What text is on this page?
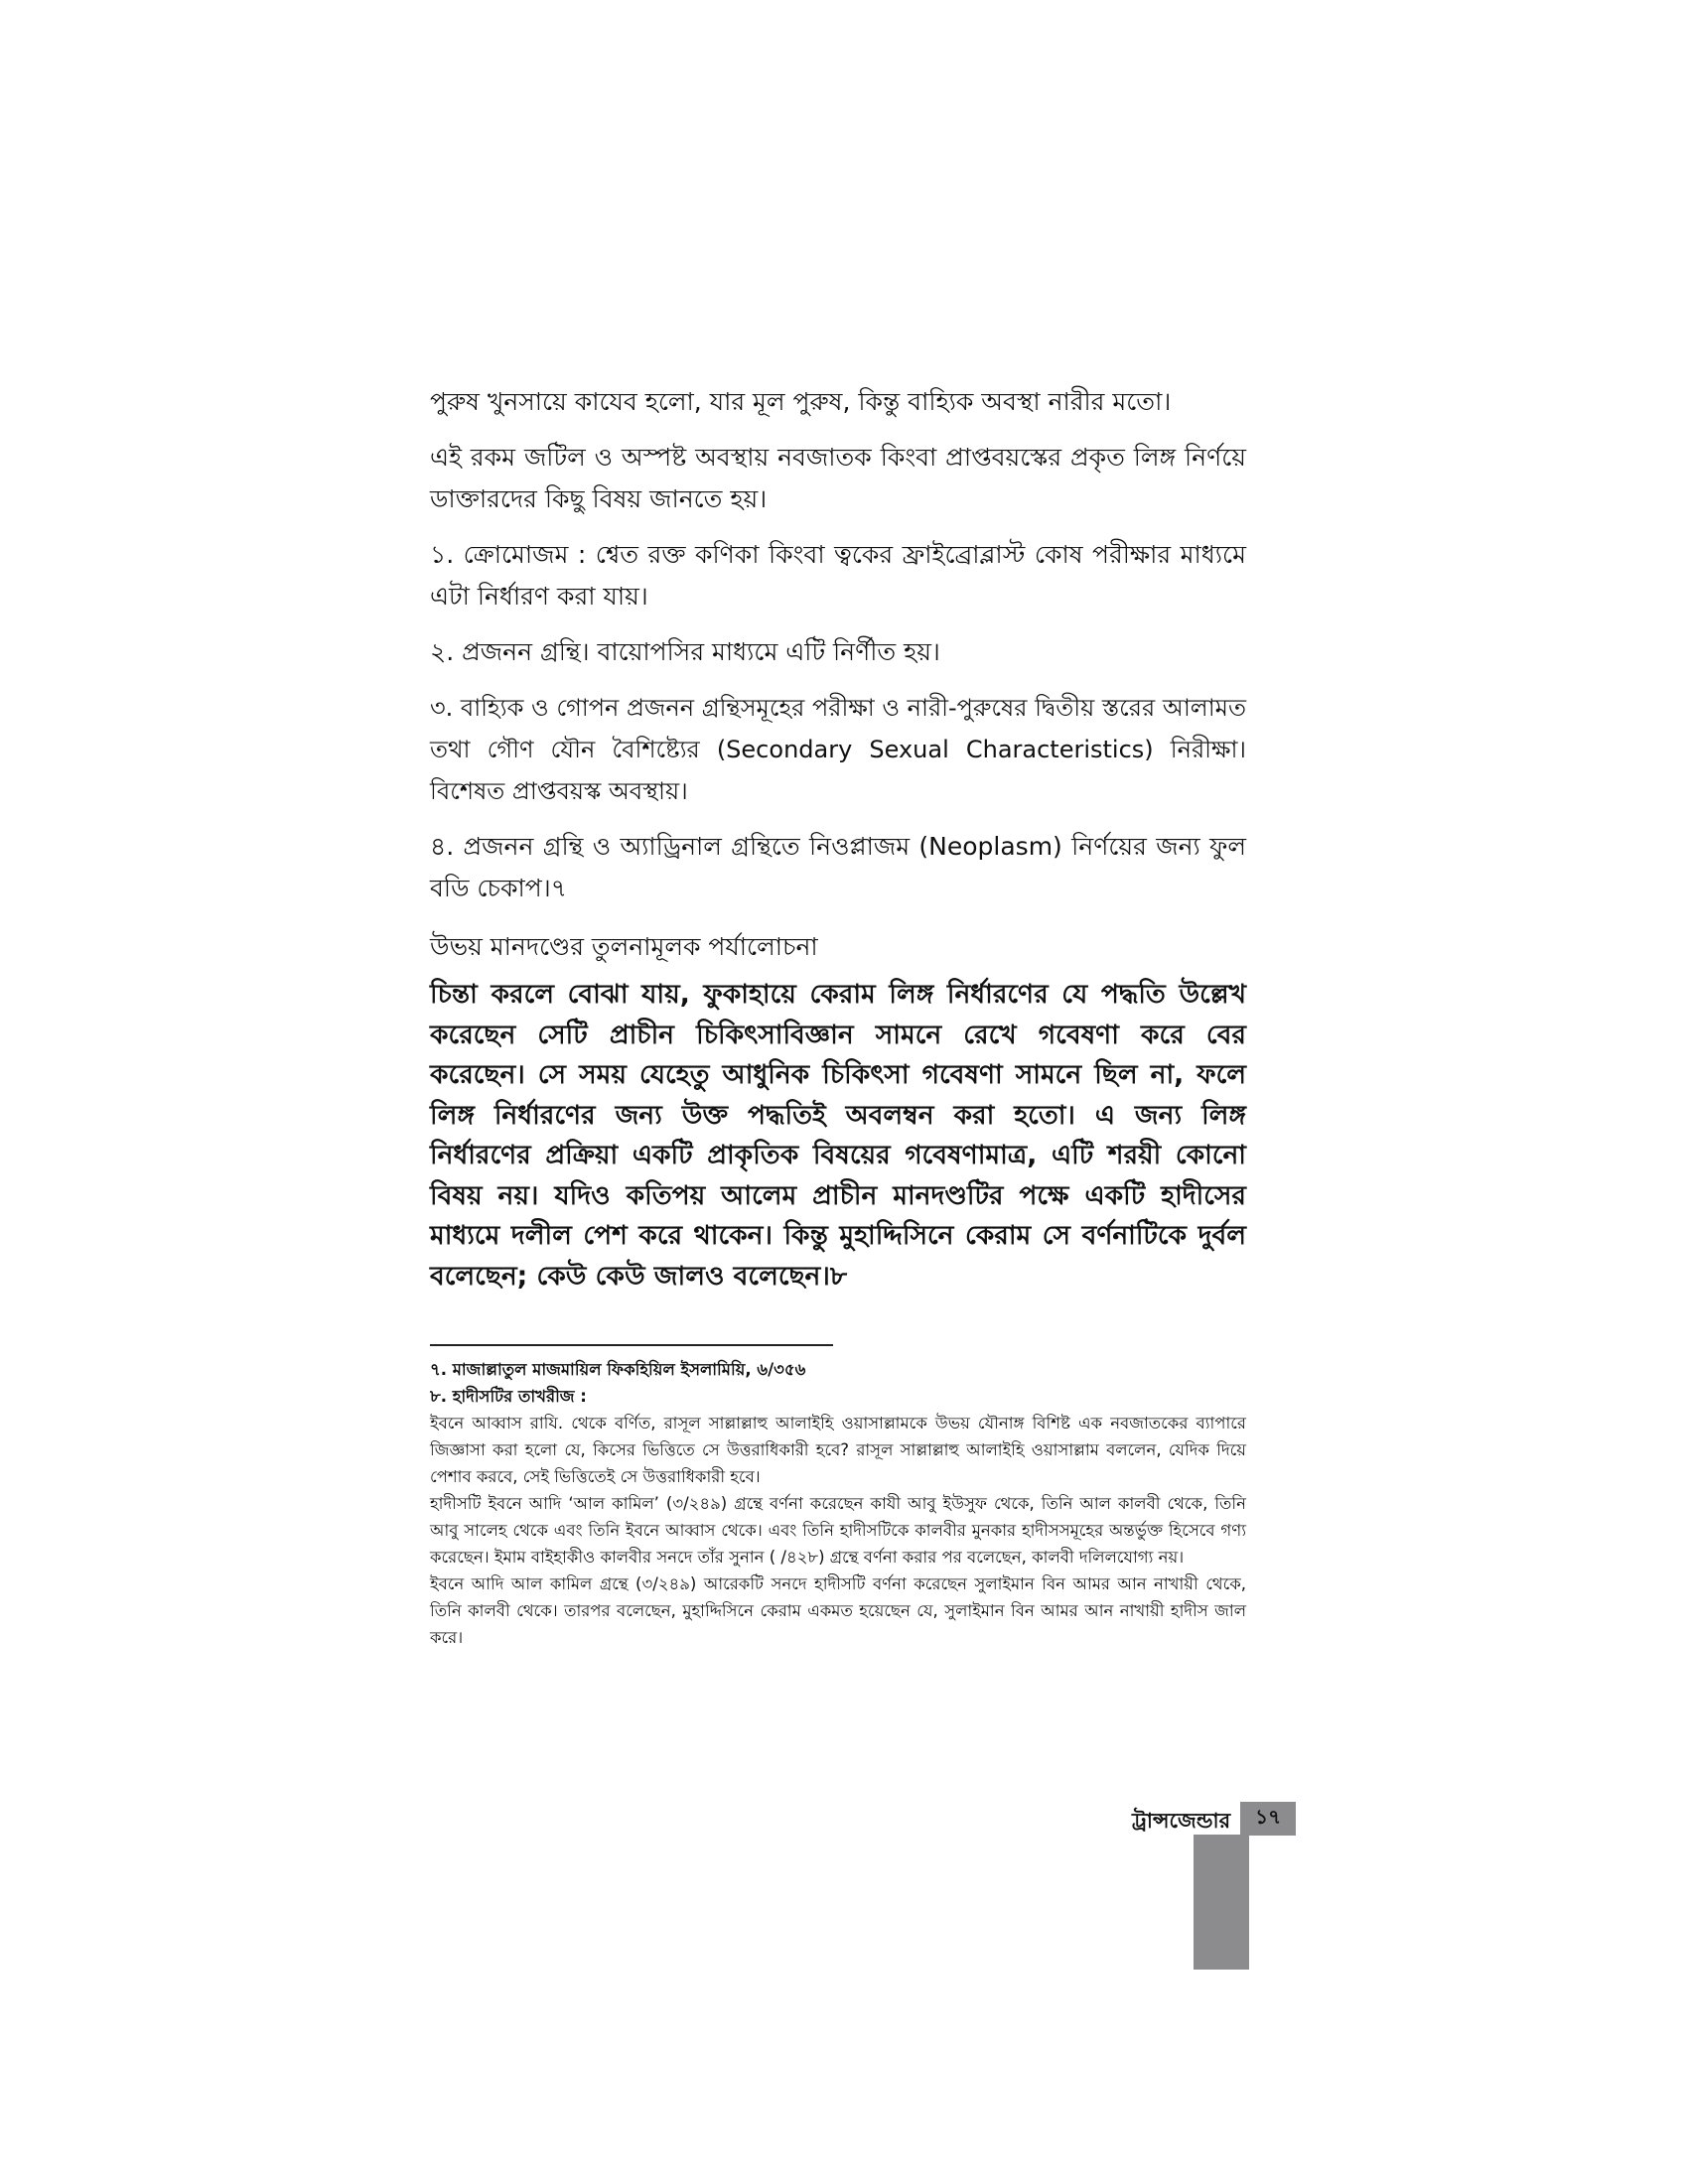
পুরুষ খুনসায়ে কাযেব হলো, যার মূল পুরুষ, কিন্তু বাহ্যিক অবস্থা নারীর মতো।

এই রকম জটিল ও অস্পষ্ট অবস্থায় নবজাতক কিংবা প্রাপ্তবয়স্কের প্রকৃত লিঙ্গ নির্ণয়ে ডাক্তারদের কিছু বিষয় জানতে হয়।

১. ক্রোমোজম : শ্বেত রক্ত কণিকা কিংবা ত্বকের ফ্রাইব্রোব্লাস্ট কোষ পরীক্ষার মাধ্যমে এটা নির্ধারণ করা যায়।

২. প্রজনন গ্রন্থি। বায়োপসির মাধ্যমে এটি নির্ণীত হয়।

৩. বাহ্যিক ও গোপন প্রজনন গ্রন্থিসমূহের পরীক্ষা ও নারী-পুরুষের দ্বিতীয় স্তরের আলামত তথা গৌণ যৌন বৈশিষ্ট্যের (Secondary Sexual Characteristics) নিরীক্ষা। বিশেষত প্রাপ্তবয়স্ক অবস্থায়।

৪. প্রজনন গ্রন্থি ও অ্যাড্রিনাল গ্রন্থিতে নিওপ্লাজম (Neoplasm) নির্ণয়ের জন্য ফুল বডি চেকাপ।৭

উভয় মানদণ্ডের তুলনামূলক পর্যালোচনা

চিন্তা করলে বোঝা যায়, ফুকাহায়ে কেরাম লিঙ্গ নির্ধারণের যে পদ্ধতি উল্লেখ করেছেন সেটি প্রাচীন চিকিৎসাবিজ্ঞান সামনে রেখে গবেষণা করে বের করেছেন। সে সময় যেহেতু আধুনিক চিকিৎসা গবেষণা সামনে ছিল না, ফলে লিঙ্গ নির্ধারণের জন্য উক্ত পদ্ধতিই অবলম্বন করা হতো। এ জন্য লিঙ্গ নির্ধারণের প্রক্রিয়া একটি প্রাকৃতিক বিষয়ের গবেষণামাত্র, এটি শরয়ী কোনো বিষয় নয়। যদিও কতিপয় আলেম প্রাচীন মানদণ্ডটির পক্ষে একটি হাদীসের মাধ্যমে দলীল পেশ করে থাকেন। কিন্তু মুহাদ্দিসিনে কেরাম সে বর্ণনাটিকে দুর্বল বলেছেন; কেউ কেউ জালও বলেছেন।৮

৭. মাজাল্লাতুল মাজমায়িল ফিকহিয়িল ইসলামিয়ি, ৬/৩৫৬

৮. হাদীসটির তাখরীজ :

ইবনে আব্বাস রাযি. থেকে বর্ণিত, রাসূল সাল্লাল্লাহু আলাইহি ওয়াসাল্লামকে উভয় যৌনাঙ্গ বিশিষ্ট এক নবজাতকের ব্যাপারে জিজ্ঞাসা করা হলো যে, কিসের ভিত্তিতে সে উত্তরাধিকারী হবে? রাসূল সাল্লাল্লাহু আলাইহি ওয়াসাল্লাম বললেন, যেদিক দিয়ে পেশাব করবে, সেই ভিত্তিতেই সে উত্তরাধিকারী হবে।

হাদীসটি ইবনে আদি ‘আল কামিল’ (৩/২৪৯) গ্রন্থে বর্ণনা করেছেন কাযী আবু ইউসুফ থেকে, তিনি আল কালবী থেকে, তিনি আবু সালেহ থেকে এবং তিনি ইবনে আব্বাস থেকে। এবং তিনি হাদীসটিকে কালবীর মুনকার হাদীসসমূহের অন্তর্ভুক্ত হিসেবে গণ্য করেছেন। ইমাম বাইহাকীও কালবীর সনদে তাঁর সুনান ( /৪২৮) গ্রন্থে বর্ণনা করার পর বলেছেন, কালবী দলিলযোগ্য নয়।

ইবনে আদি আল কামিল গ্রন্থে (৩/২৪৯) আরেকটি সনদে হাদীসটি বর্ণনা করেছেন সুলাইমান বিন আমর আন নাখায়ী থেকে, তিনি কালবী থেকে। তারপর বলেছেন, মুহাদ্দিসিনে কেরাম একমত হয়েছেন যে, সুলাইমান বিন আমর আন নাখায়ী হাদীস জাল করে।

ট্রান্সজেন্ডার	১৭
